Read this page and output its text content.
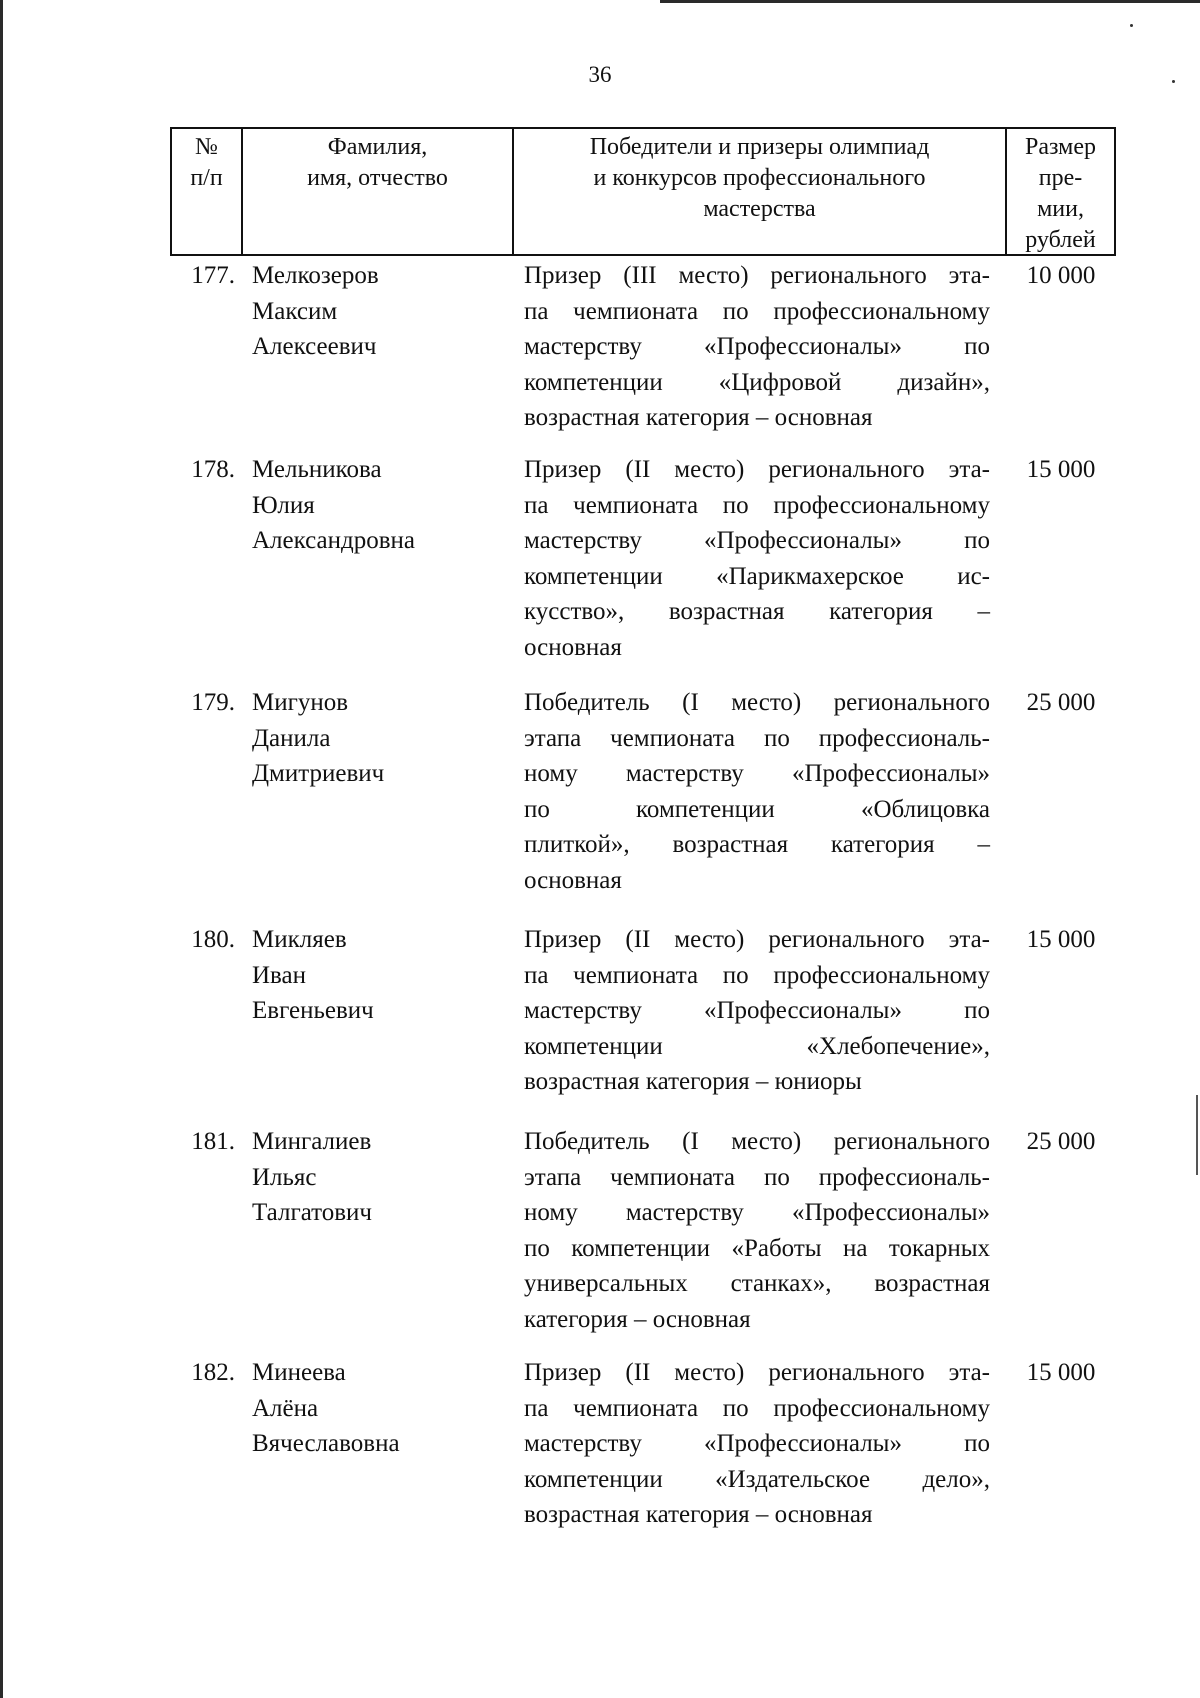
36
№
п/п
Фамилия,
имя, отчество
Победители и призеры олимпиад
и конкурсов профессионального
мастерства
Размер
пре-
мии,
рублей
177. Мелкозеров
Максим
Алексеевич
Призер (III место) регионального эта-
па чемпионата по профессиональному
мастерству «Профессионалы» по
компетенции «Цифровой дизайн»,
возрастная категория – основная
10 000
178. Мельникова
Юлия
Александровна
Призер (II место) регионального эта-
па чемпионата по профессиональному
мастерству «Профессионалы» по
компетенции «Парикмахерское ис-
кусство», возрастная категория –
основная
15 000
179. Мигунов
Данила
Дмитриевич
Победитель (I место) регионального
этапа чемпионата по профессиональ-
ному мастерству «Профессионалы»
по компетенции «Облицовка
плиткой», возрастная категория –
основная
25 000
180. Микляев
Иван
Евгеньевич
Призер (II место) регионального эта-
па чемпионата по профессиональному
мастерству «Профессионалы» по
компетенции «Хлебопечение»,
возрастная категория – юниоры
15 000
181. Мингалиев
Ильяс
Талгатович
Победитель (I место) регионального
этапа чемпионата по профессиональ-
ному мастерству «Профессионалы»
по компетенции «Работы на токарных
универсальных станках», возрастная
категория – основная
25 000
182. Минеева
Алёна
Вячеславовна
Призер (II место) регионального эта-
па чемпионата по профессиональному
мастерству «Профессионалы» по
компетенции «Издательское дело»,
возрастная категория – основная
15 000
